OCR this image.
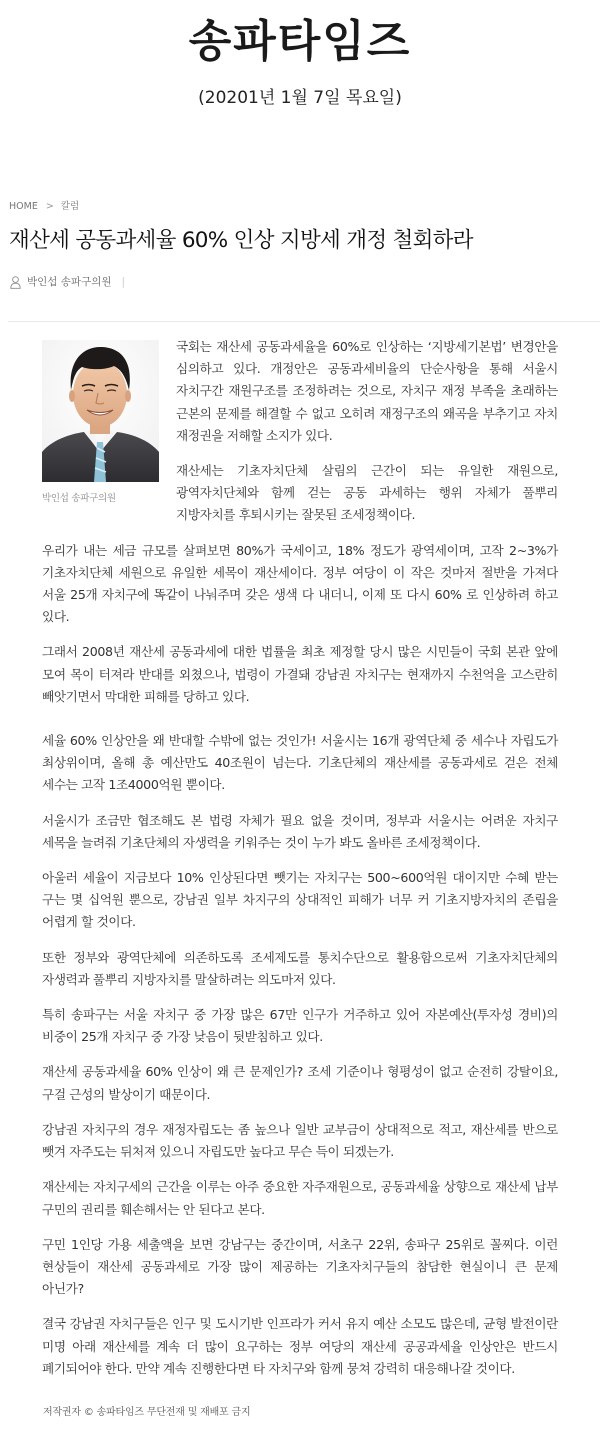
송파타임즈
(20201년 1월 7일 목요일)
HOME > 칼럼
재산세 공동과세율 60% 인상 지방세 개정 철회하라
박인섭 송파구의원 |
박인섭 송파구의원

국회는 재산세 공동과세율을 60%로 인상하는 ‘지방세기본법’ 변경안을 심의하고 있다. 개정안은 공동과세비율의 단순사항을 통해 서울시 자치구간 재원구조를 조정하려는 것으로, 자치구 재정 부족을 초래하는 근본의 문제를 해결할 수 없고 오히려 재정구조의 왜곡을 부추기고 자치 재정권을 저해할 소지가 있다.

재산세는 기초자치단체 살림의 근간이 되는 유일한 재원으로, 광역자치단체와 함께 걷는 공동 과세하는 행위 자체가 풀뿌리 지방자치를 후퇴시키는 잘못된 조세정책이다.

우리가 내는 세금 규모를 살펴보면 80%가 국세이고, 18% 정도가 광역세이며, 고작 2~3%가 기초자치단체 세원으로 유일한 세목이 재산세이다. 정부 여당이 이 작은 것마저 절반을 가져다 서울 25개 자치구에 똑같이 나눠주며 갖은 생색 다 내더니, 이제 또 다시 60% 로 인상하려 하고 있다.

그래서 2008년 재산세 공동과세에 대한 법률을 최초 제정할 당시 많은 시민들이 국회 본관 앞에 모여 목이 터져라 반대를 외쳤으나, 법령이 가결돼 강남권 자치구는 현재까지 수천억을 고스란히 빼앗기면서 막대한 피해를 당하고 있다.

세율 60% 인상안을 왜 반대할 수밖에 없는 것인가! 서울시는 16개 광역단체 중 세수나 자립도가 최상위이며, 올해 총 예산만도 40조원이 넘는다. 기초단체의 재산세를 공동과세로 걷은 전체 세수는 고작 1조4000억원 뿐이다.

서울시가 조금만 협조해도 본 법령 자체가 필요 없을 것이며, 정부과 서울시는 어려운 자치구 세목을 늘려줘 기초단체의 자생력을 키워주는 것이 누가 봐도 올바른 조세정책이다.

아울러 세율이 지금보다 10% 인상된다면 뺏기는 자치구는 500~600억원 대이지만 수혜 받는 구는 몇 십억원 뿐으로, 강남권 일부 차지구의 상대적인 피해가 너무 커 기초지방자치의 존립을 어렵게 할 것이다.

또한 정부와 광역단체에 의존하도록 조세제도를 통치수단으로 활용함으로써 기초자치단체의 자생력과 풀뿌리 지방자치를 말살하려는 의도마저 있다.

특히 송파구는 서울 자치구 중 가장 많은 67만 인구가 거주하고 있어 자본예산(투자성 경비)의 비중이 25개 자치구 중 가장 낮음이 뒷받침하고 있다.

재산세 공동과세율 60% 인상이 왜 큰 문제인가? 조세 기준이나 형평성이 없고 순전히 강탈이요, 구걸 근성의 발상이기 때문이다.

강남권 자치구의 경우 재정자립도는 좀 높으나 일반 교부금이 상대적으로 적고, 재산세를 반으로 뺏겨 자주도는 뒤처져 있으니 자립도만 높다고 무슨 득이 되겠는가.

재산세는 자치구세의 근간을 이루는 아주 중요한 자주재원으로, 공동과세율 상향으로 재산세 납부 구민의 권리를 훼손해서는 안 된다고 본다.

구민 1인당 가용 세출액을 보면 강남구는 중간이며, 서초구 22위, 송파구 25위로 꼴찌다. 이런 현상들이 재산세 공동과세로 가장 많이 제공하는 기초자치구들의 참담한 현실이니 큰 문제 아닌가?

결국 강남권 자치구들은 인구 및 도시기반 인프라가 커서 유지 예산 소모도 많은데, 균형 발전이란 미명 아래 재산세를 계속 더 많이 요구하는 정부 여당의 재산세 공공과세율 인상안은 반드시 폐기되어야 한다. 만약 계속 진행한다면 타 자치구와 함께 뭉쳐 강력히 대응해나갈 것이다.

저작권자 © 송파타임즈 무단전재 및 재배포 금지
